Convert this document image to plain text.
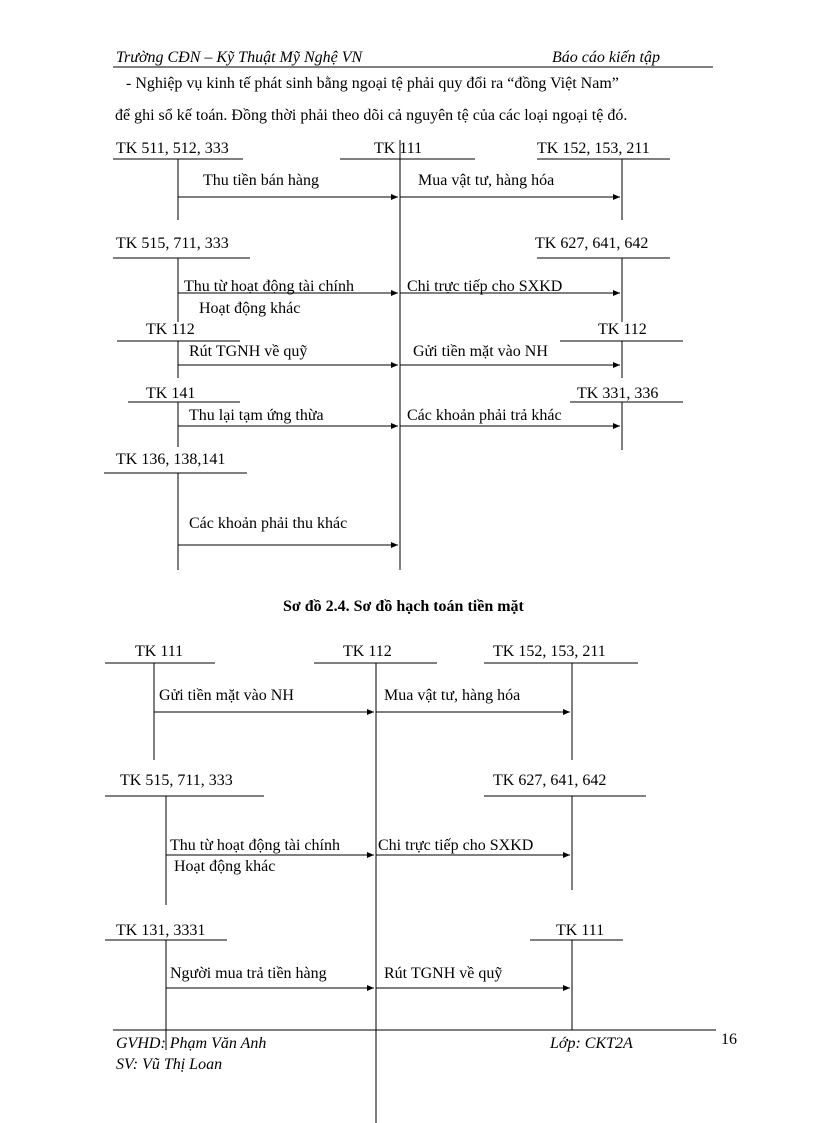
Trường CĐN – Kỹ Thuật Mỹ Nghệ VN	Báo cáo kiến tập
- Nghiệp vụ kinh tế phát sinh bằng ngoại tệ phải quy đổi ra “đồng Việt Nam”
để ghi sổ kế toán. Đồng thời phải theo dõi cả nguyên tệ của các loại ngoại tệ đó.
TK 111
TK 511, 512, 333	TK 152, 153, 211
Thu tiền bán hàng	Mua vật tư, hàng hóa
TK 515, 711, 333	TK 627, 641, 642
Thu từ hoạt động tài chính
Hoạt động khác
Chi trực tiếp cho SXKD
TK 112	TK 112
Rút TGNH về quỹ	Gửi tiền mặt vào NH
TK 141	TK 331, 336
Thu lại tạm ứng thừa	Các khoản phải trả khác
TK 136, 138,141
Các khoản phải thu khác
Sơ đồ 2.4. Sơ đồ hạch toán tiền mặt
TK 112
TK 111	TK 152, 153, 211
Gửi tiền mặt vào NH	Mua vật tư, hàng hóa
TK 515, 711, 333	TK 627, 641, 642
Thu từ hoạt động tài chính
Hoạt động khác
Chi trực tiếp cho SXKD
TK 131, 3331	TK 111
Người mua trả tiền hàng	Rút TGNH về quỹ
GVHD: Phạm Văn Anh
SV: Vũ Thị Loan
Lớp: CKT2A	16
